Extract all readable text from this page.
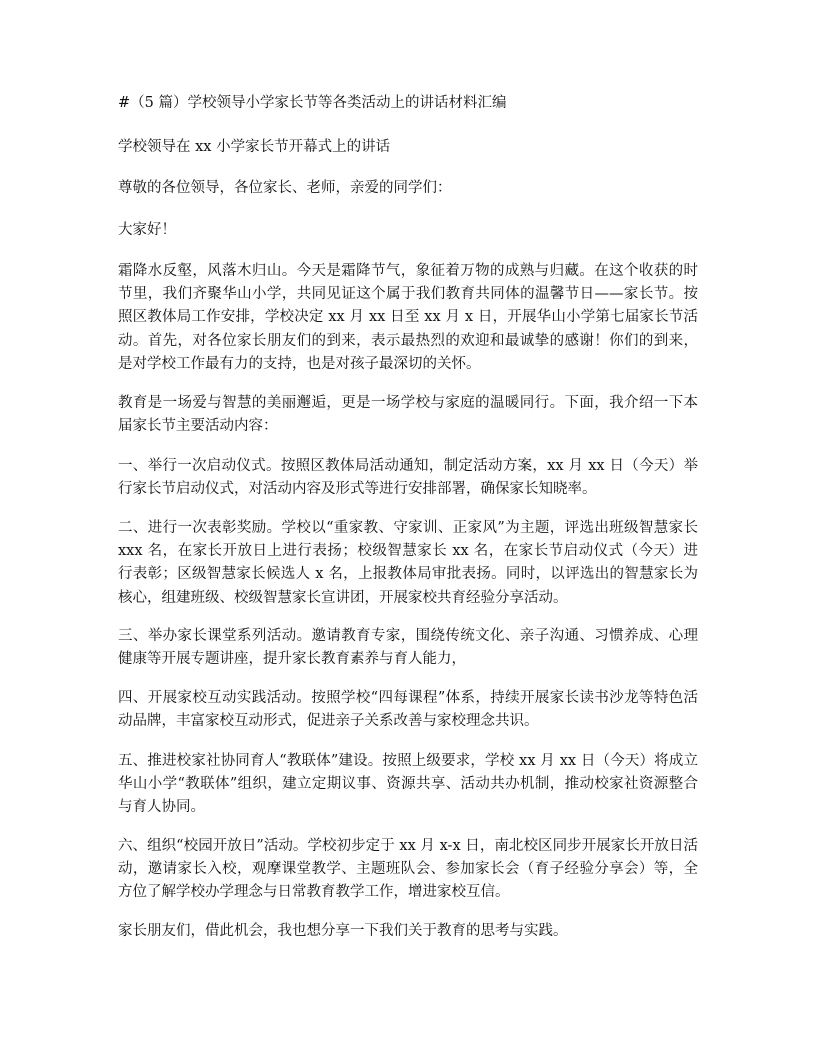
#（5 篇）学校领导小学家长节等各类活动上的讲话材料汇编
学校领导在 xx 小学家长节开幕式上的讲话
尊敬的各位领导，各位家长、老师，亲爱的同学们：
大家好！
霜降水反壑，风落木归山。今天是霜降节气，象征着万物的成熟与归藏。在这个收获的时
节里，我们齐聚华山小学，共同见证这个属于我们教育共同体的温馨节日——家长节。按
照区教体局工作安排，学校决定 xx 月 xx 日至 xx 月 x 日，开展华山小学第七届家长节活
动。首先，对各位家长朋友们的到来，表示最热烈的欢迎和最诚挚的感谢！你们的到来，
是对学校工作最有力的支持，也是对孩子最深切的关怀。
教育是一场爱与智慧的美丽邂逅，更是一场学校与家庭的温暖同行。下面，我介绍一下本
届家长节主要活动内容：
一、举行一次启动仪式。按照区教体局活动通知，制定活动方案，xx 月 xx 日（今天）举
行家长节启动仪式，对活动内容及形式等进行安排部署，确保家长知晓率。
二、进行一次表彰奖励。学校以“重家教、守家训、正家风”为主题，评选出班级智慧家长
xxx 名，在家长开放日上进行表扬；校级智慧家长 xx 名，在家长节启动仪式（今天）进
行表彰；区级智慧家长候选人 x 名，上报教体局审批表扬。同时，以评选出的智慧家长为
核心，组建班级、校级智慧家长宣讲团，开展家校共育经验分享活动。
三、举办家长课堂系列活动。邀请教育专家，围绕传统文化、亲子沟通、习惯养成、心理
健康等开展专题讲座，提升家长教育素养与育人能力，
四、开展家校互动实践活动。按照学校“四每课程”体系，持续开展家长读书沙龙等特色活
动品牌，丰富家校互动形式，促进亲子关系改善与家校理念共识。
五、推进校家社协同育人“教联体”建设。按照上级要求，学校 xx 月 xx 日（今天）将成立
华山小学“教联体”组织，建立定期议事、资源共享、活动共办机制，推动校家社资源整合
与育人协同。
六、组织“校园开放日”活动。学校初步定于 xx 月 x-x 日，南北校区同步开展家长开放日活
动，邀请家长入校，观摩课堂教学、主题班队会、参加家长会（育子经验分享会）等，全
方位了解学校办学理念与日常教育教学工作，增进家校互信。
家长朋友们，借此机会，我也想分享一下我们关于教育的思考与实践。
